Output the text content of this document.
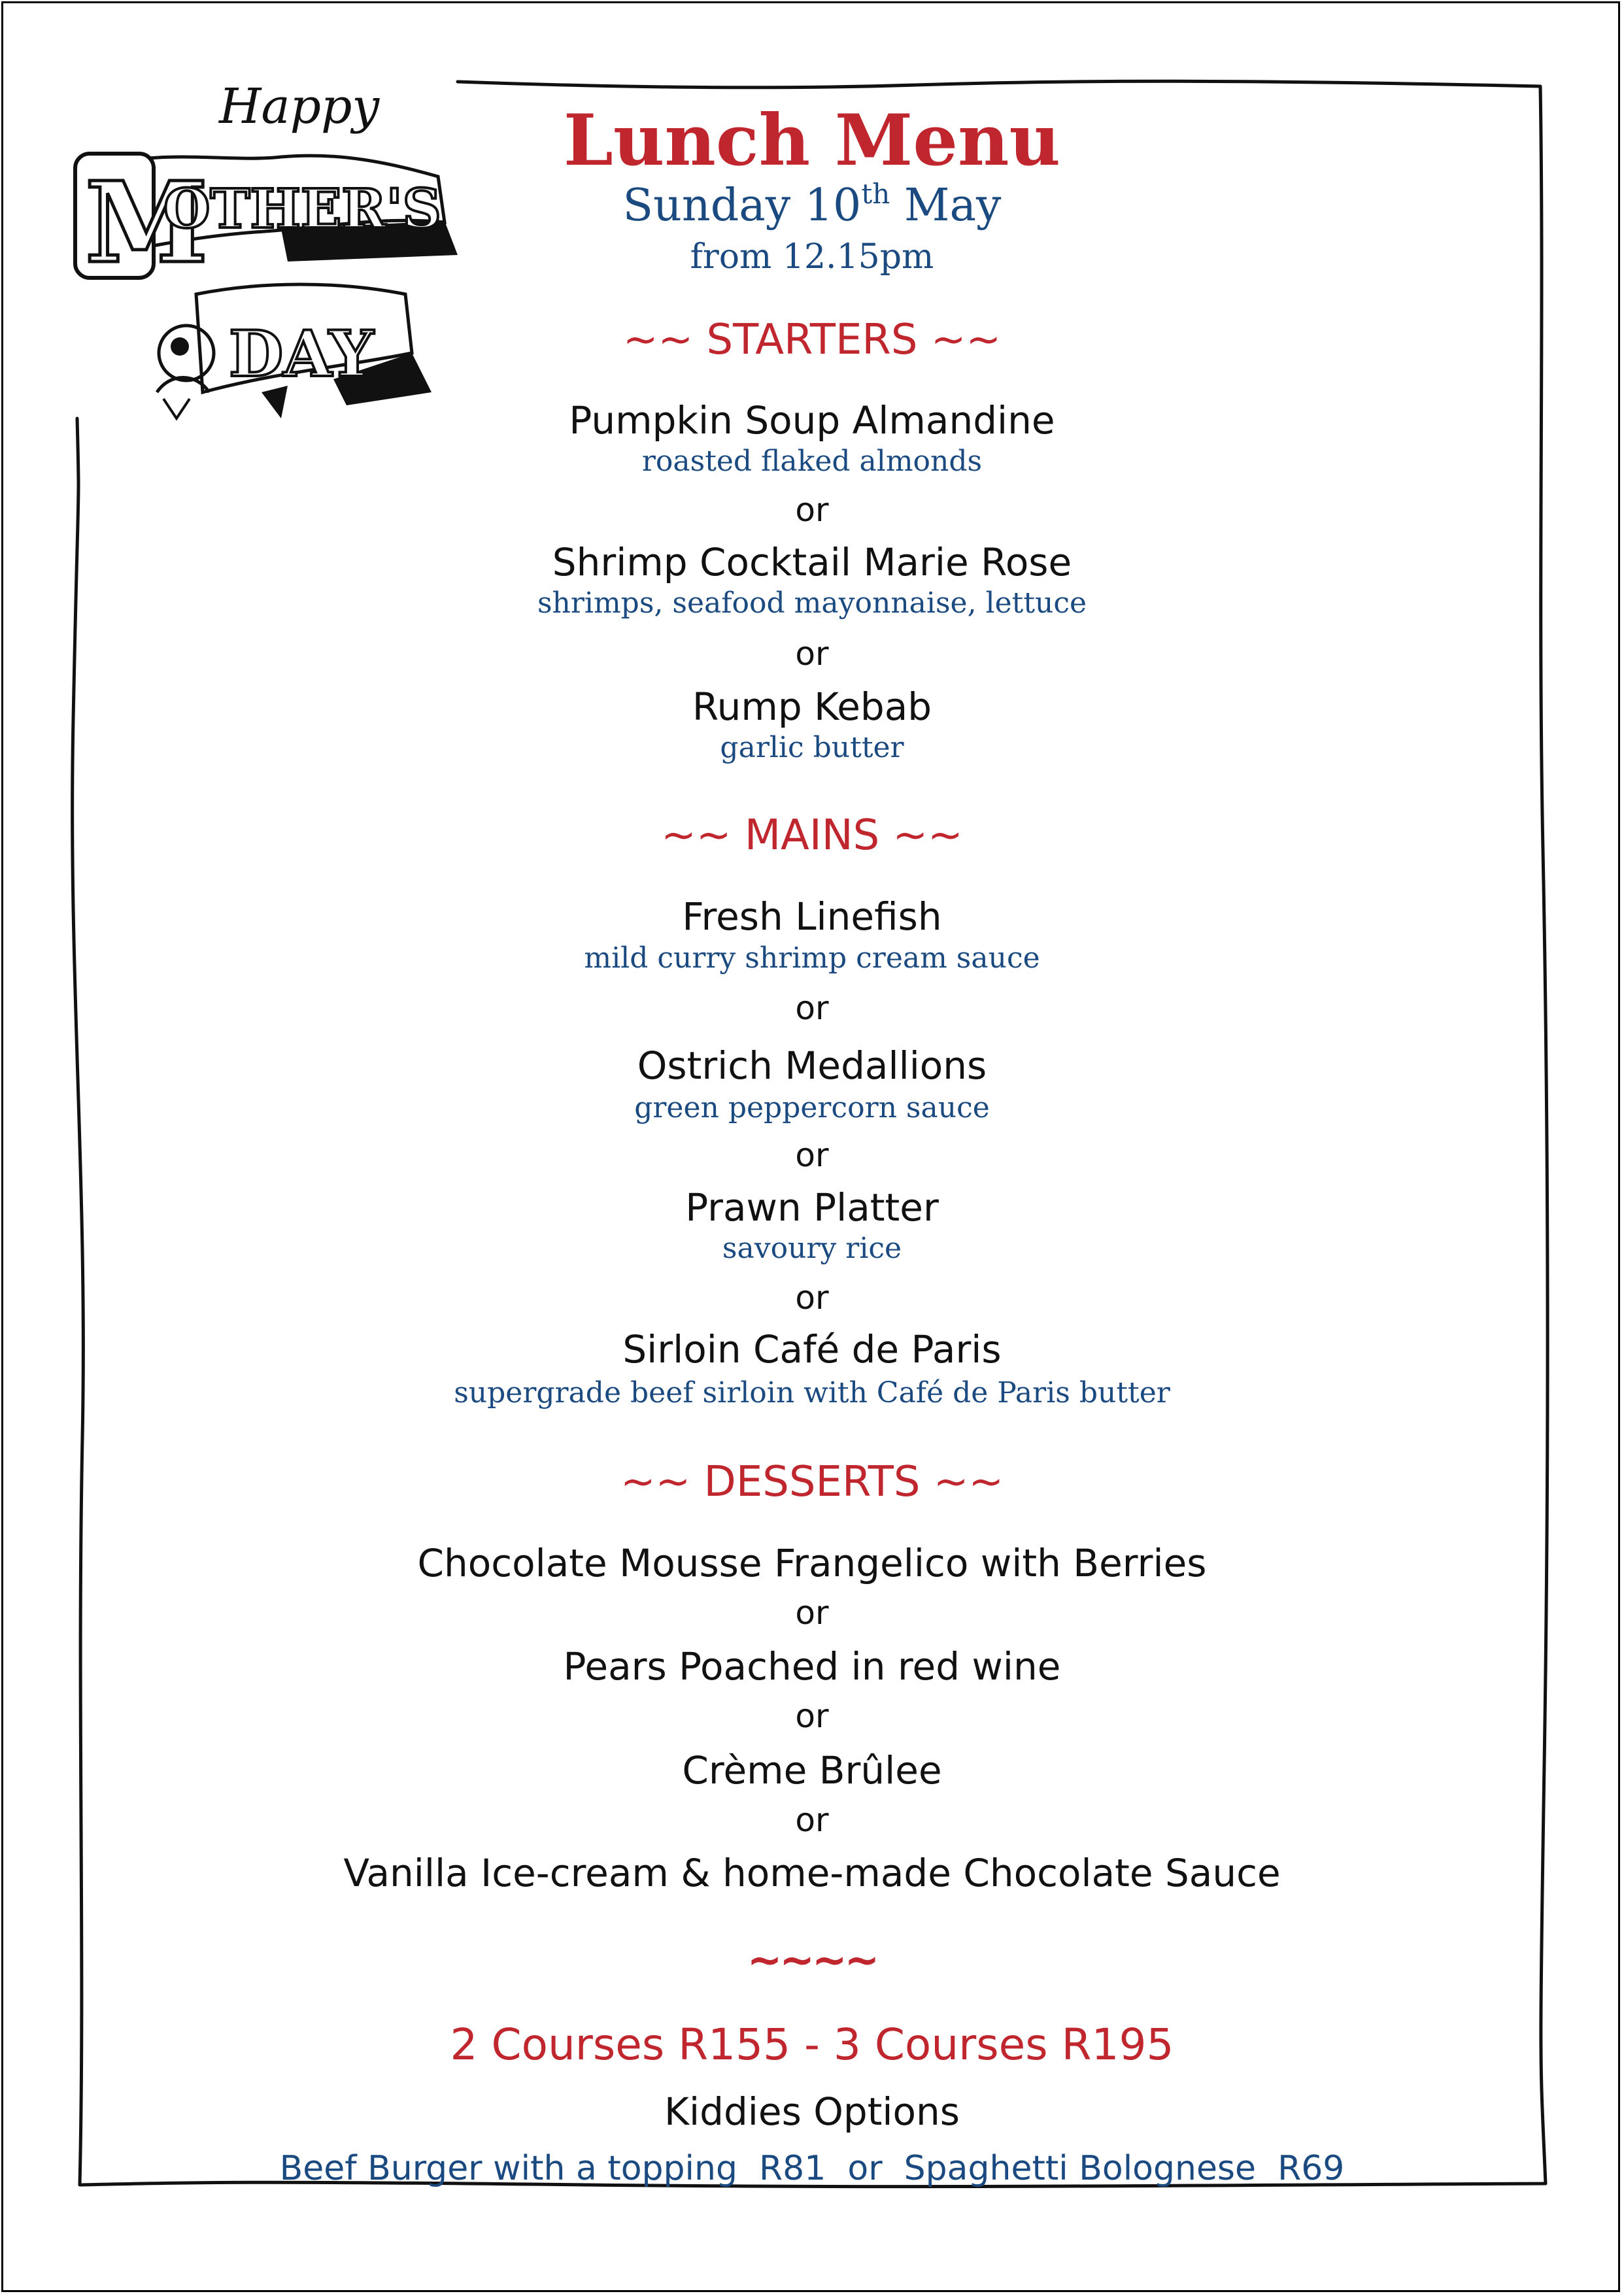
Happy
M
OTHER'S
DAY
Lunch Menu
Sunday 10th May
from 12.15pm
~~ STARTERS ~~
Pumpkin Soup Almandine
roasted flaked almonds
or
Shrimp Cocktail Marie Rose
shrimps, seafood mayonnaise, lettuce
or
Rump Kebab
garlic butter
~~ MAINS ~~
Fresh Linefish
mild curry shrimp cream sauce
or
Ostrich Medallions
green peppercorn sauce
or
Prawn Platter
savoury rice
or
Sirloin Café de Paris
supergrade beef sirloin with Café de Paris butter
~~ DESSERTS ~~
Chocolate Mousse Frangelico with Berries
or
Pears Poached in red wine
or
Crème Brûlee
or
Vanilla Ice-cream & home-made Chocolate Sauce
~~~~
2 Courses R155 - 3 Courses R195
Kiddies Options
Beef Burger with a topping  R81  or  Spaghetti Bolognese  R69
